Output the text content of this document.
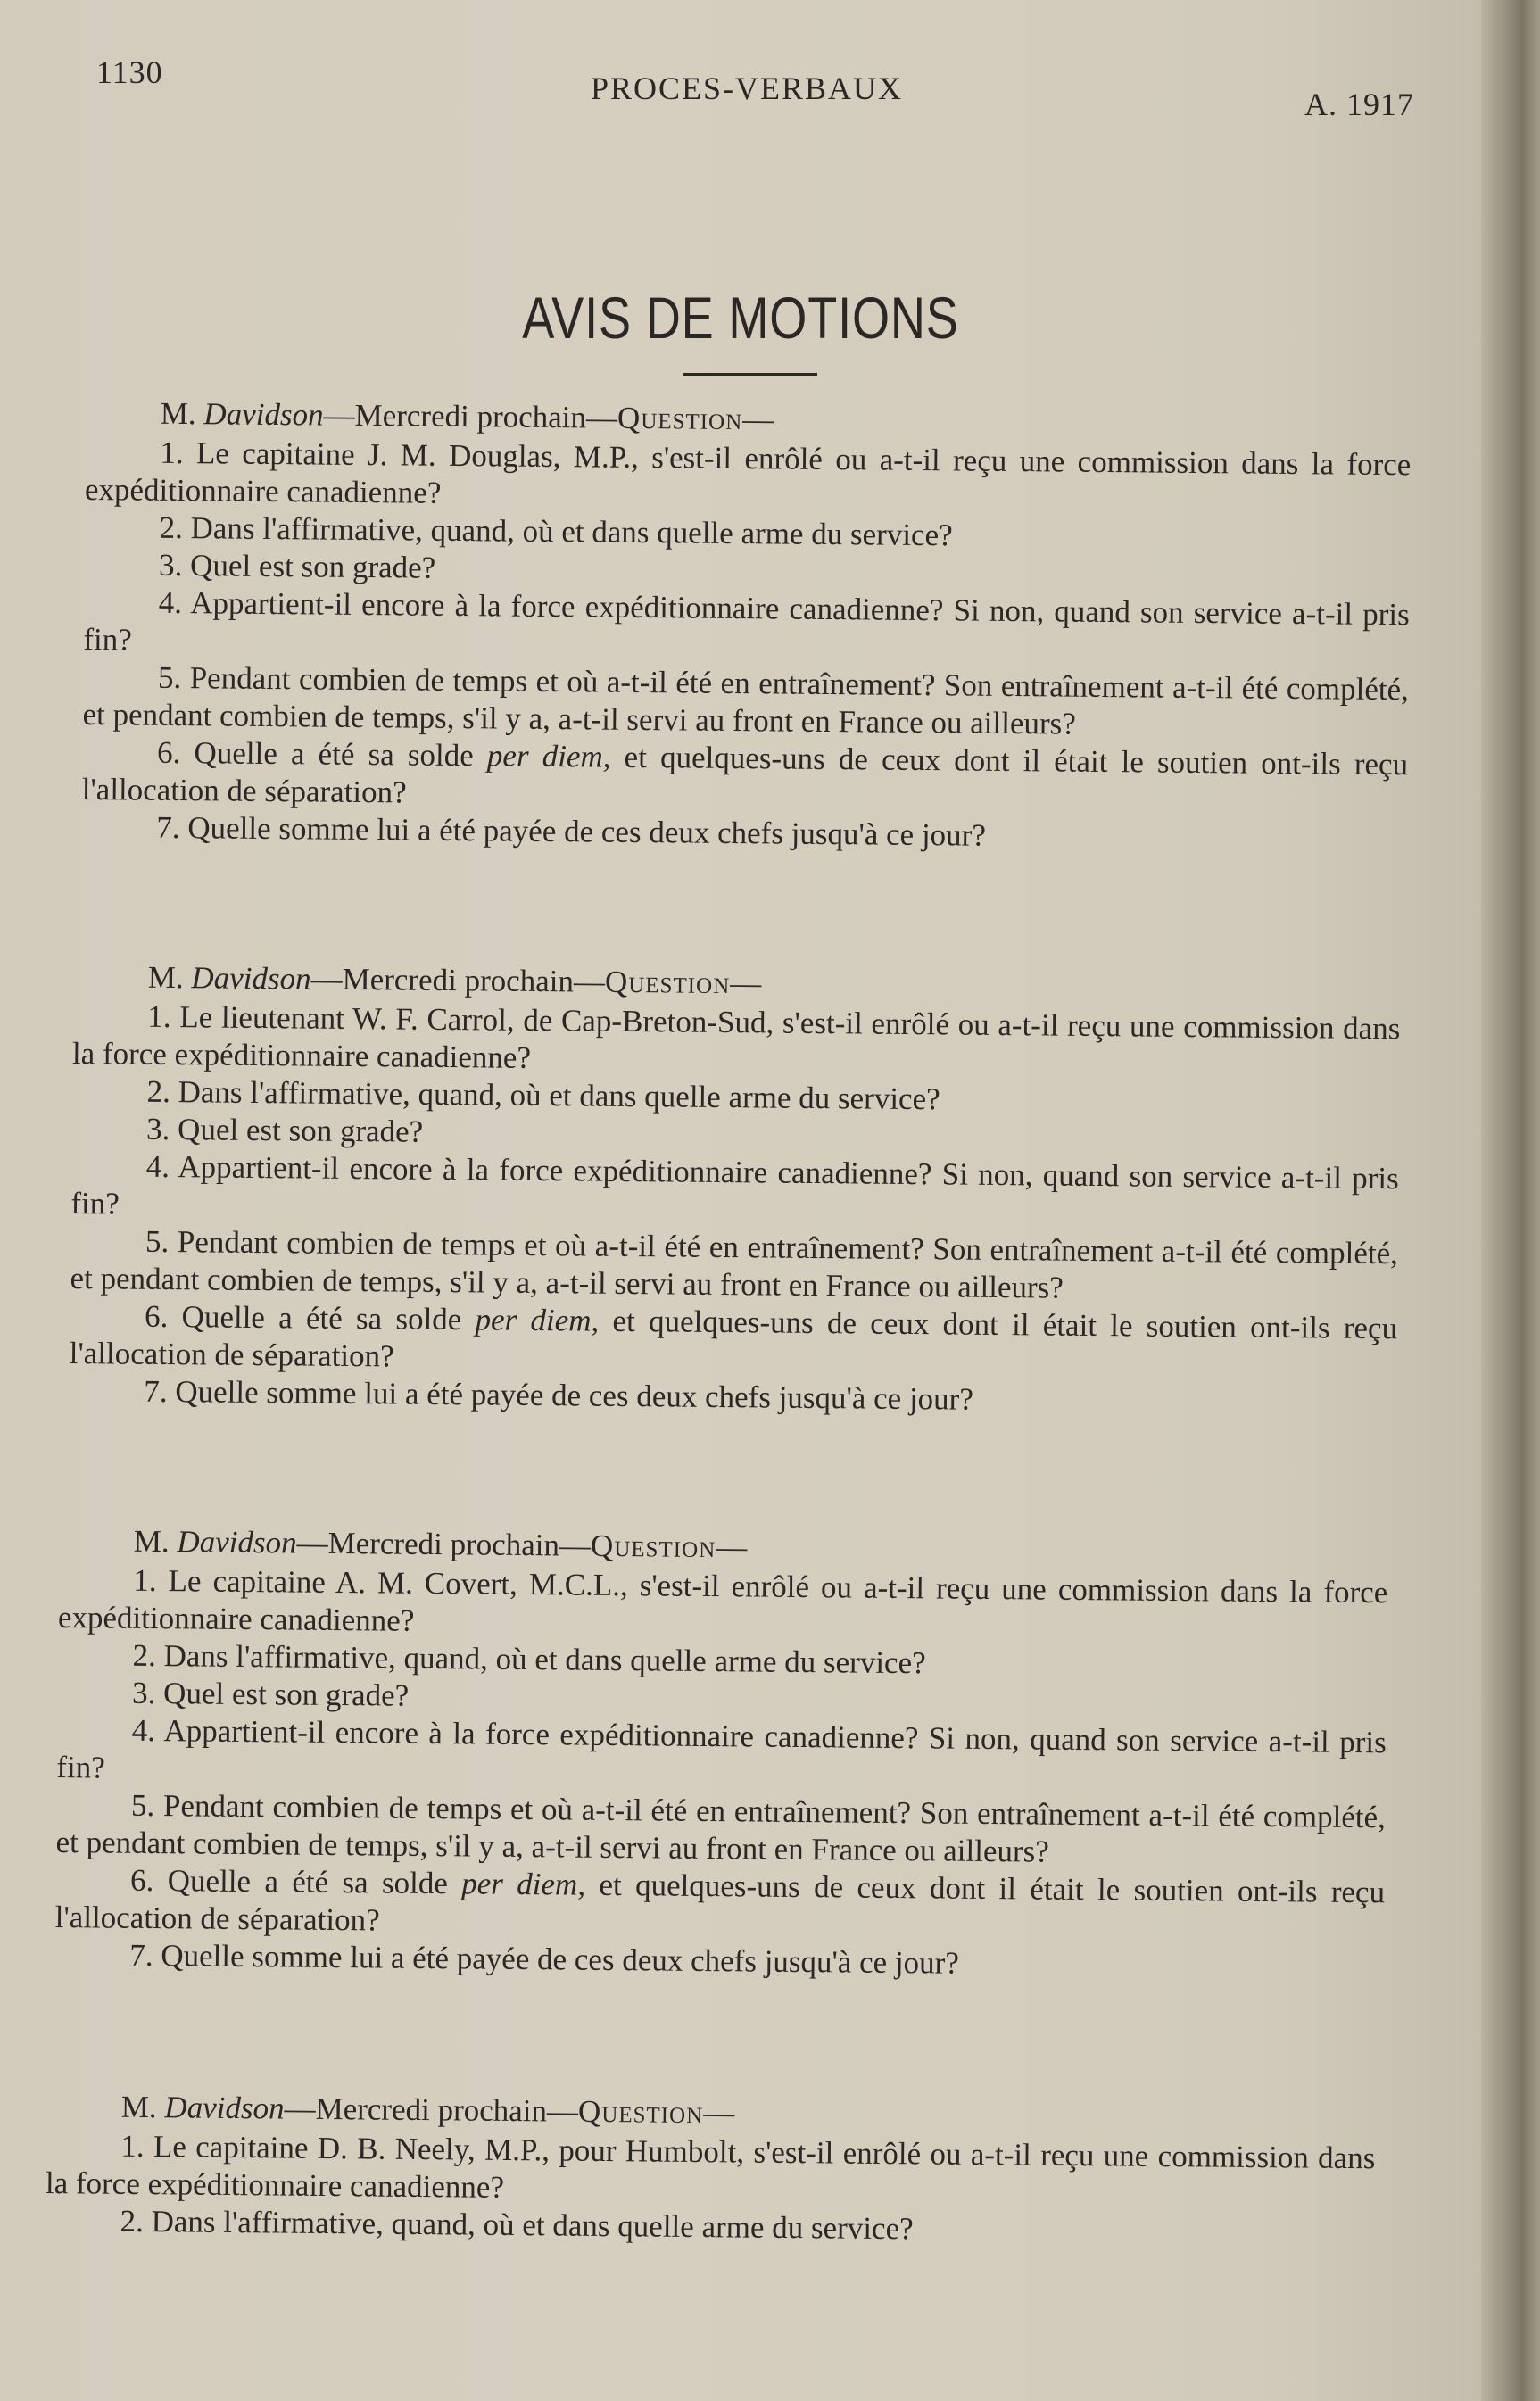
1130	PROCES-VERBAUX	A. 1917
AVIS DE MOTIONS

M. Davidson—Mercredi prochain—Question—

1. Le capitaine J. M. Douglas, M.P., s'est-il enrôlé ou a-t-il reçu une commission dans la force expéditionnaire canadienne?

2. Dans l'affirmative, quand, où et dans quelle arme du service?

3. Quel est son grade?

4. Appartient-il encore à la force expéditionnaire canadienne? Si non, quand son service a-t-il pris fin?

5. Pendant combien de temps et où a-t-il été en entraînement? Son entraînement a-t-il été complété, et pendant combien de temps, s'il y a, a-t-il servi au front en France ou ailleurs?

6. Quelle a été sa solde per diem, et quelques-uns de ceux dont il était le soutien ont-ils reçu l'allocation de séparation?

7. Quelle somme lui a été payée de ces deux chefs jusqu'à ce jour?

M. Davidson—Mercredi prochain—Question—

1. Le lieutenant W. F. Carrol, de Cap-Breton-Sud, s'est-il enrôlé ou a-t-il reçu une commission dans la force expéditionnaire canadienne?

2. Dans l'affirmative, quand, où et dans quelle arme du service?

3. Quel est son grade?

4. Appartient-il encore à la force expéditionnaire canadienne? Si non, quand son service a-t-il pris fin?

5. Pendant combien de temps et où a-t-il été en entraînement? Son entraînement a-t-il été complété, et pendant combien de temps, s'il y a, a-t-il servi au front en France ou ailleurs?

6. Quelle a été sa solde per diem, et quelques-uns de ceux dont il était le soutien ont-ils reçu l'allocation de séparation?

7. Quelle somme lui a été payée de ces deux chefs jusqu'à ce jour?

M. Davidson—Mercredi prochain—Question—

1. Le capitaine A. M. Covert, M.C.L., s'est-il enrôlé ou a-t-il reçu une commission dans la force expéditionnaire canadienne?

2. Dans l'affirmative, quand, où et dans quelle arme du service?

3. Quel est son grade?

4. Appartient-il encore à la force expéditionnaire canadienne? Si non, quand son service a-t-il pris fin?

5. Pendant combien de temps et où a-t-il été en entraînement? Son entraînement a-t-il été complété, et pendant combien de temps, s'il y a, a-t-il servi au front en France ou ailleurs?

6. Quelle a été sa solde per diem, et quelques-uns de ceux dont il était le soutien ont-ils reçu l'allocation de séparation?

7. Quelle somme lui a été payée de ces deux chefs jusqu'à ce jour?

M. Davidson—Mercredi prochain—Question—

1. Le capitaine D. B. Neely, M.P., pour Humbolt, s'est-il enrôlé ou a-t-il reçu une commission dans la force expéditionnaire canadienne?

2. Dans l'affirmative, quand, où et dans quelle arme du service?
